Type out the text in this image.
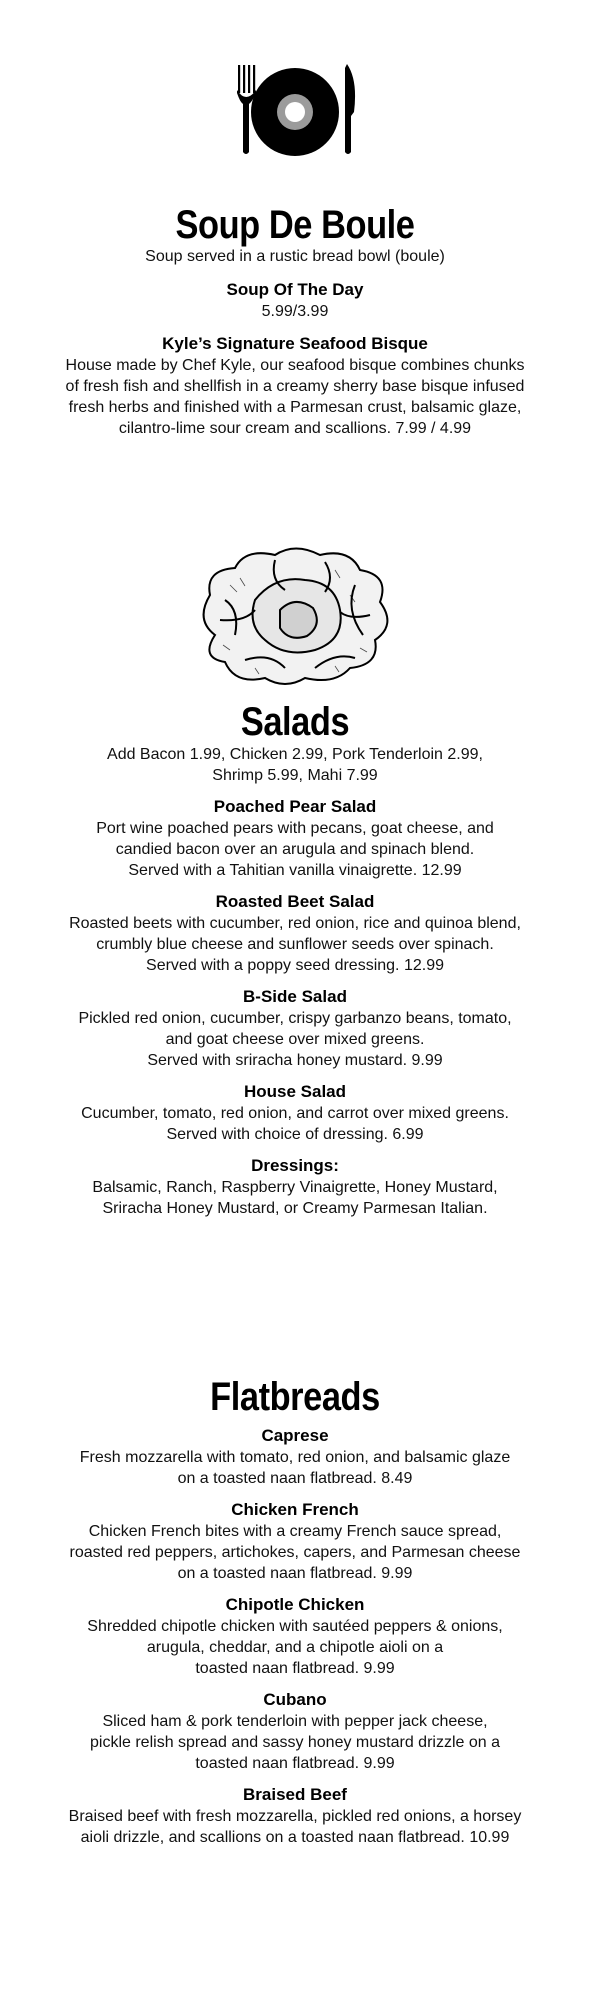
Soup De Boule

Soup served in a rustic bread bowl (boule)

Soup Of The Day

5.99/3.99

Kyle’s Signature Seafood Bisque

House made by Chef Kyle, our seafood bisque combines chunks

of fresh fish and shellfish in a creamy sherry base bisque infused

fresh herbs and finished with a Parmesan crust, balsamic glaze,

cilantro-lime sour cream and scallions. 7.99 / 4.99

Salads

Add Bacon 1.99, Chicken 2.99, Pork Tenderloin 2.99,

Shrimp 5.99, Mahi 7.99

Poached Pear Salad

Port wine poached pears with pecans, goat cheese, and

candied bacon over an arugula and spinach blend.

Served with a Tahitian vanilla vinaigrette. 12.99

Roasted Beet Salad

Roasted beets with cucumber, red onion, rice and quinoa blend,

crumbly blue cheese and sunflower seeds over spinach.

Served with a poppy seed dressing. 12.99

B-Side Salad

Pickled red onion, cucumber, crispy garbanzo beans, tomato,

and goat cheese over mixed greens.

Served with sriracha honey mustard. 9.99

House Salad

Cucumber, tomato, red onion, and carrot over mixed greens.

Served with choice of dressing. 6.99

Dressings:

Balsamic, Ranch, Raspberry Vinaigrette, Honey Mustard,

Sriracha Honey Mustard, or Creamy Parmesan Italian.

Flatbreads

Caprese

Fresh mozzarella with tomato, red onion, and balsamic glaze

on a toasted naan flatbread. 8.49

Chicken French

Chicken French bites with a creamy French sauce spread,

roasted red peppers, artichokes, capers, and Parmesan cheese

on a toasted naan flatbread. 9.99

Chipotle Chicken

Shredded chipotle chicken with sautéed peppers & onions,

arugula, cheddar, and a chipotle aioli on a

toasted naan flatbread. 9.99

Cubano

Sliced ham & pork tenderloin with pepper jack cheese,

pickle relish spread and sassy honey mustard drizzle on a

toasted naan flatbread. 9.99

Braised Beef

Braised beef with fresh mozzarella, pickled red onions, a horsey

aioli drizzle, and scallions on a toasted naan flatbread. 10.99
